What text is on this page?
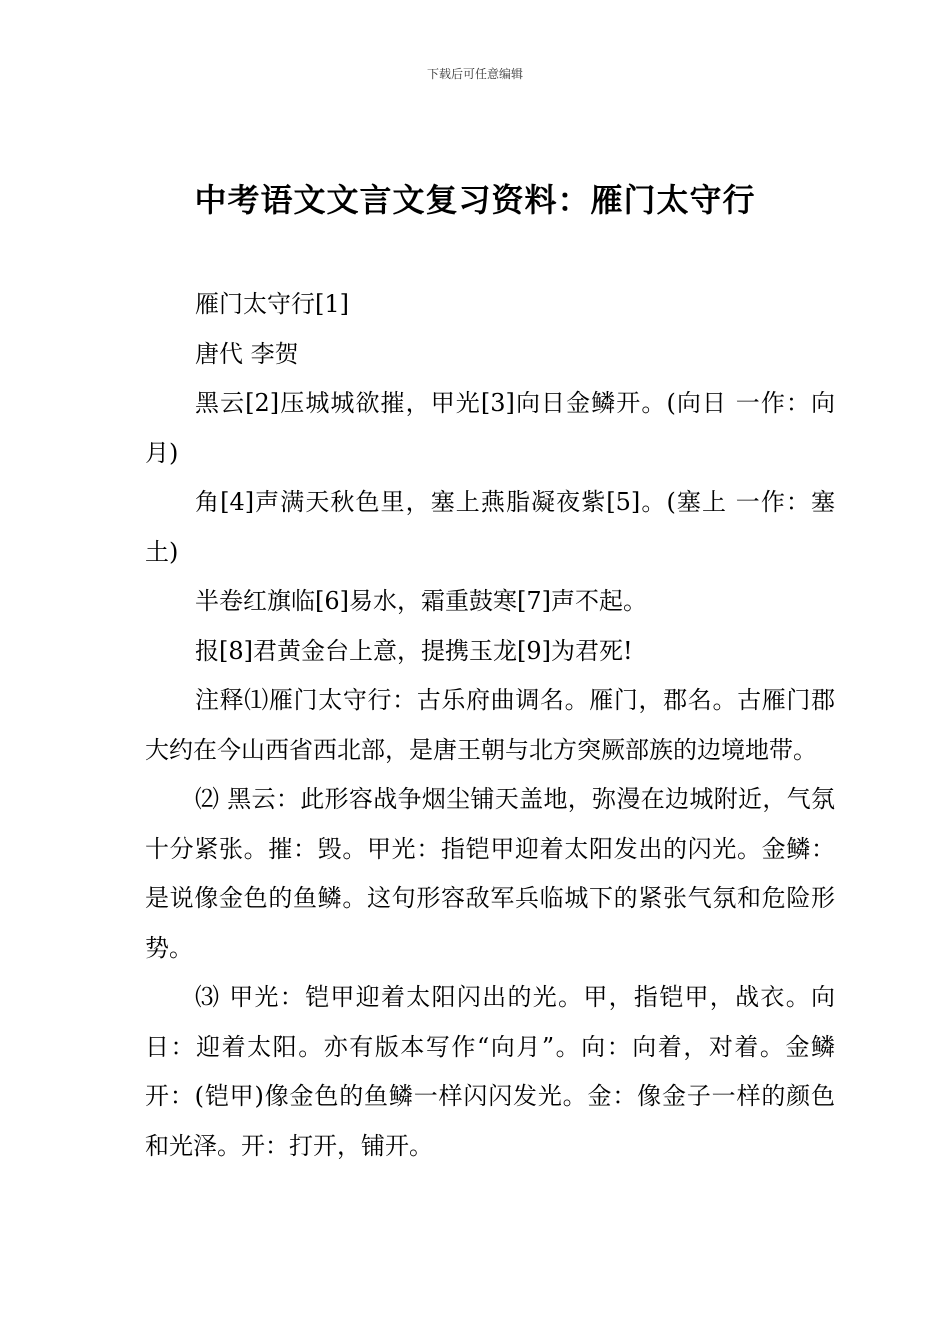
下载后可任意编辑
中考语文文言文复习资料：雁门太守行

雁门太守行[1]

唐代 李贺

黑云[2]压城城欲摧，甲光[3]向日金鳞开。(向日 一作：向月)

角[4]声满天秋色里，塞上燕脂凝夜紫[5]。(塞上 一作：塞土)

半卷红旗临[6]易水，霜重鼓寒[7]声不起。

报[8]君黄金台上意，提携玉龙[9]为君死!

注释⑴雁门太守行：古乐府曲调名。雁门，郡名。古雁门郡大约在今山西省西北部，是唐王朝与北方突厥部族的边境地带。

⑵ 黑云：此形容战争烟尘铺天盖地，弥漫在边城附近，气氛十分紧张。摧：毁。甲光：指铠甲迎着太阳发出的闪光。金鳞：是说像金色的鱼鳞。这句形容敌军兵临城下的紧张气氛和危险形势。

⑶ 甲光：铠甲迎着太阳闪出的光。甲，指铠甲，战衣。向日：迎着太阳。亦有版本写作“向月”。向：向着，对着。金鳞开：(铠甲)像金色的鱼鳞一样闪闪发光。金：像金子一样的颜色和光泽。开：打开，铺开。
